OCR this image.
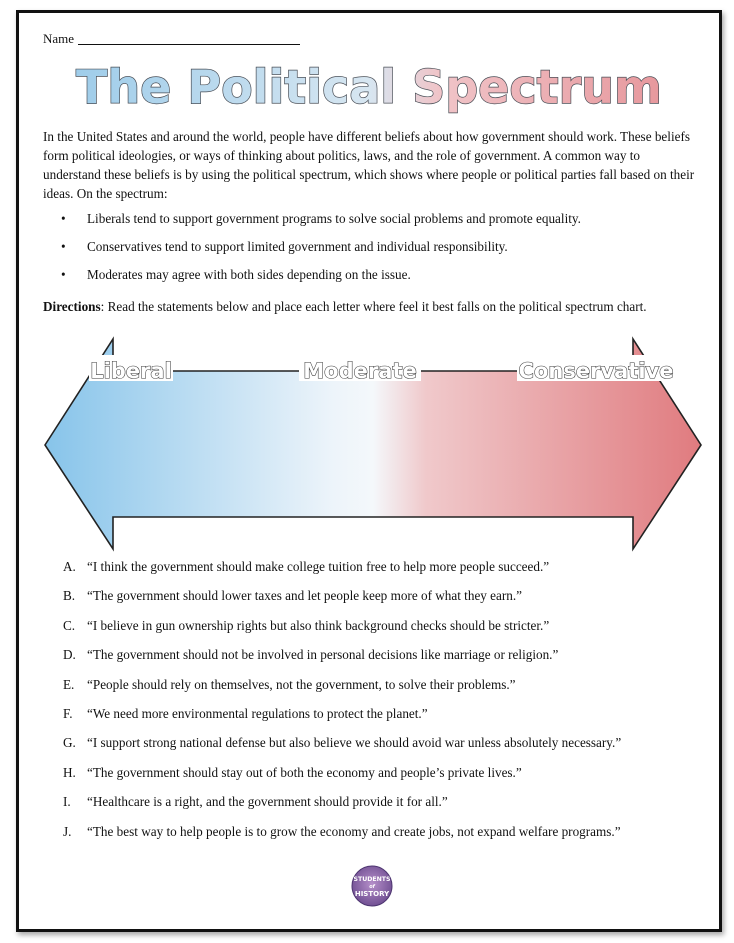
Name
The Political Spectrum
In the United States and around the world, people have different beliefs about how government should work. These beliefs form political ideologies, or ways of thinking about politics, laws, and the role of government. A common way to understand these beliefs is by using the political spectrum, which shows where people or political parties fall based on their ideas. On the spectrum:
• Liberals tend to support government programs to solve social problems and promote equality.
• Conservatives tend to support limited government and individual responsibility.
• Moderates may agree with both sides depending on the issue.
Directions: Read the statements below and place each letter where feel it best falls on the political spectrum chart.
Liberal	Moderate	Conservative
A. “I think the government should make college tuition free to help more people succeed.”
B. “The government should lower taxes and let people keep more of what they earn.”
C. “I believe in gun ownership rights but also think background checks should be stricter.”
D. “The government should not be involved in personal decisions like marriage or religion.”
E. “People should rely on themselves, not the government, to solve their problems.”
F.	“We need more environmental regulations to protect the planet.”
G. “I support strong national defense but also believe we should avoid war unless absolutely necessary.”
H. “The government should stay out of both the economy and people’s private lives.”
I.	“Healthcare is a right, and the government should provide it for all.”
J.	“The best way to help people is to grow the economy and create jobs, not expand welfare programs.”
STUDENTS
of
HISTORY
